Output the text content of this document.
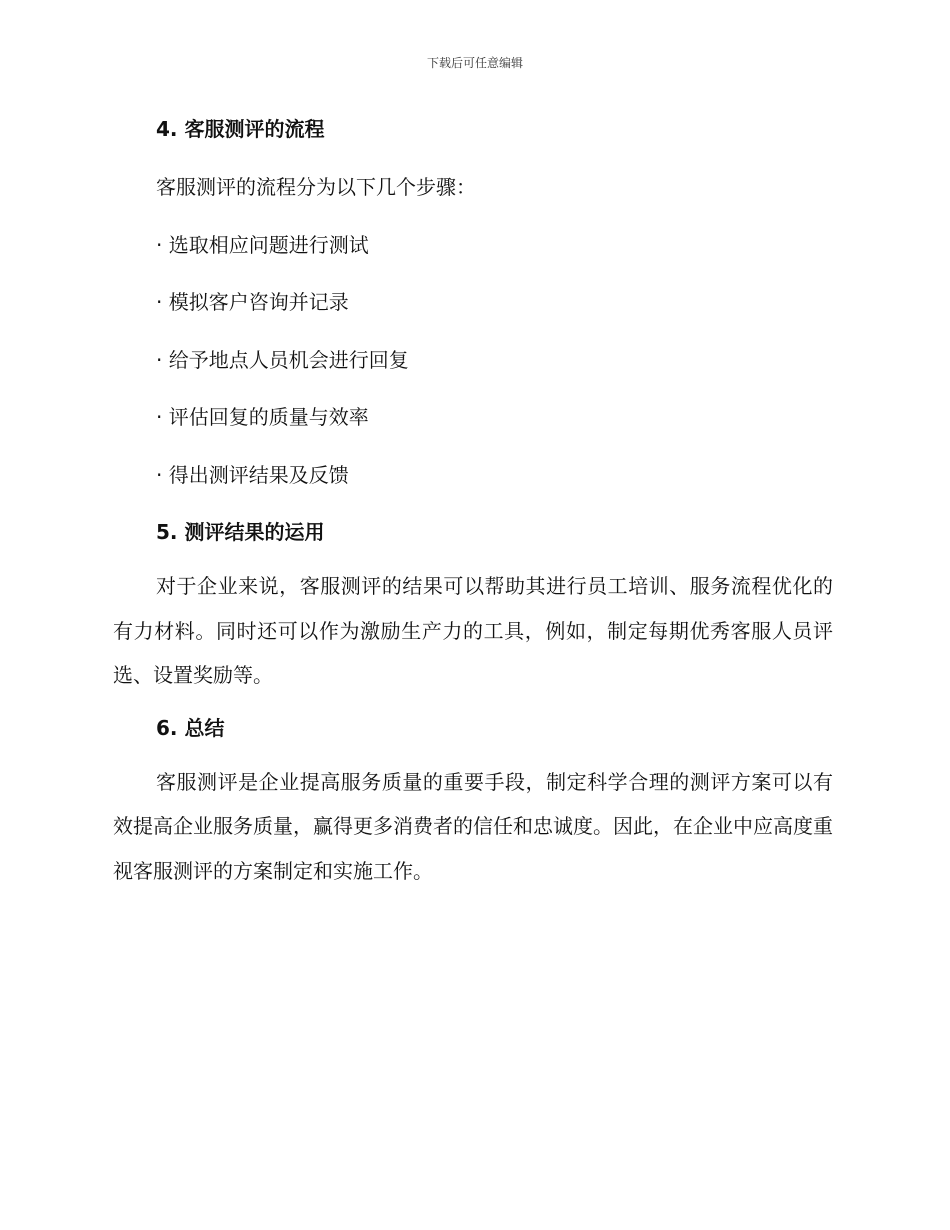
下载后可任意编辑
4. 客服测评的流程

客服测评的流程分为以下几个步骤：

· 选取相应问题进行测试

· 模拟客户咨询并记录

· 给予地点人员机会进行回复

· 评估回复的质量与效率

· 得出测评结果及反馈

5. 测评结果的运用

对于企业来说，客服测评的结果可以帮助其进行员工培训、服务流程优化的有力材料。同时还可以作为激励生产力的工具，例如，制定每期优秀客服人员评选、设置奖励等。

6. 总结

客服测评是企业提高服务质量的重要手段，制定科学合理的测评方案可以有效提高企业服务质量，赢得更多消费者的信任和忠诚度。因此，在企业中应高度重视客服测评的方案制定和实施工作。
